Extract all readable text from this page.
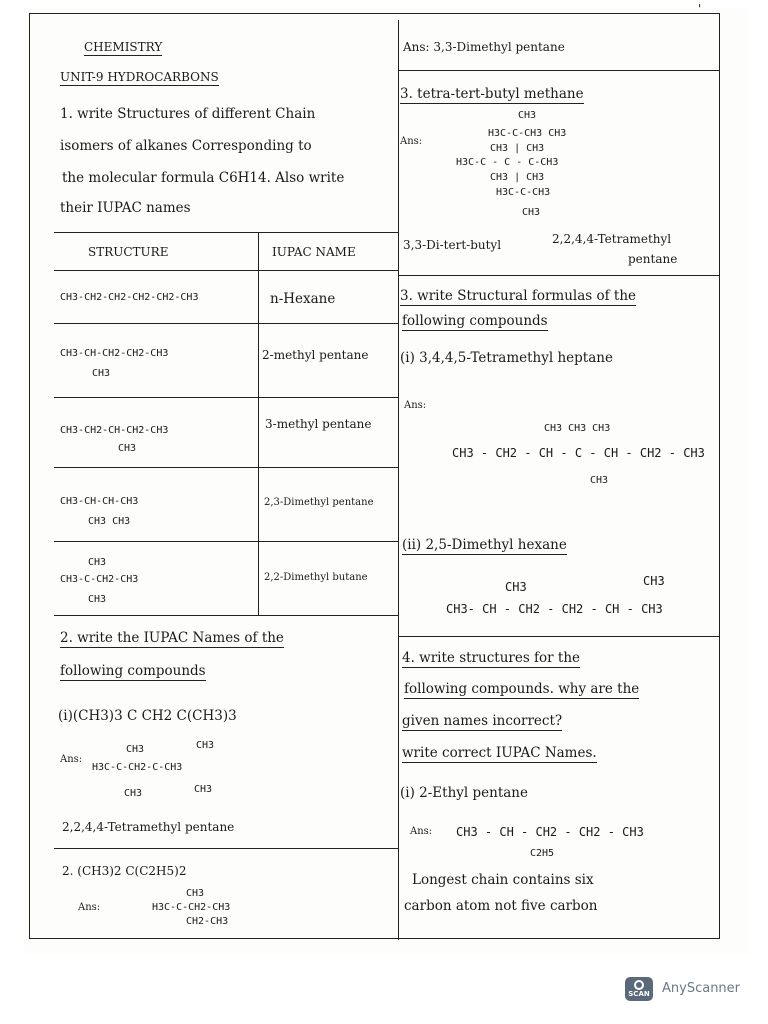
'
CHEMISTRY
UNIT-9 HYDROCARBONS
1. write Structures of different Chain
isomers of alkanes Corresponding to
the molecular formula C6H14. Also write
their IUPAC names
STRUCTURE	IUPAC NAME
CH3-CH2-CH2-CH2-CH2-CH3	n-Hexane
CH3-CH-CH2-CH2-CH3
CH3
2-methyl pentane
CH3-CH2-CH-CH2-CH3
CH3
3-methyl pentane
CH3-CH-CH-CH3
CH3 CH3
2,3-Dimethyl pentane
CH3
CH3-C-CH2-CH3
CH3
2,2-Dimethyl butane
2. write the IUPAC Names of the
following compounds
(i)(CH3)3 C CH2 C(CH3)3
Ans:
CH3	CH3
H3C-C-CH2-C-CH3
CH3	CH3
2,2,4,4-Tetramethyl pentane
2. (CH3)2 C(C2H5)2
Ans:
CH3
H3C-C-CH2-CH3
CH2-CH3
Ans: 3,3-Dimethyl pentane
3. tetra-tert-butyl methane
Ans:
CH3
H3C-C-CH3 CH3
CH3 | CH3
H3C-C - C - C-CH3
CH3 | CH3
H3C-C-CH3
CH3
3,3-Di-tert-butyl	2,2,4,4-Tetramethyl
pentane
3. write Structural formulas of the
following compounds
(i) 3,4,4,5-Tetramethyl heptane
Ans:
CH3 CH3 CH3
CH3 - CH2 - CH - C - CH - CH2 - CH3
CH3
(ii) 2,5-Dimethyl hexane
CH3	CH3
CH3- CH - CH2 - CH2 - CH - CH3
4. write structures for the
following compounds. why are the
given names incorrect?
write correct IUPAC Names.
(i) 2-Ethyl pentane
Ans: CH3 - CH - CH2 - CH2 - CH3
C2H5
Longest chain contains six
carbon atom not five carbon
SCAN AnyScanner
